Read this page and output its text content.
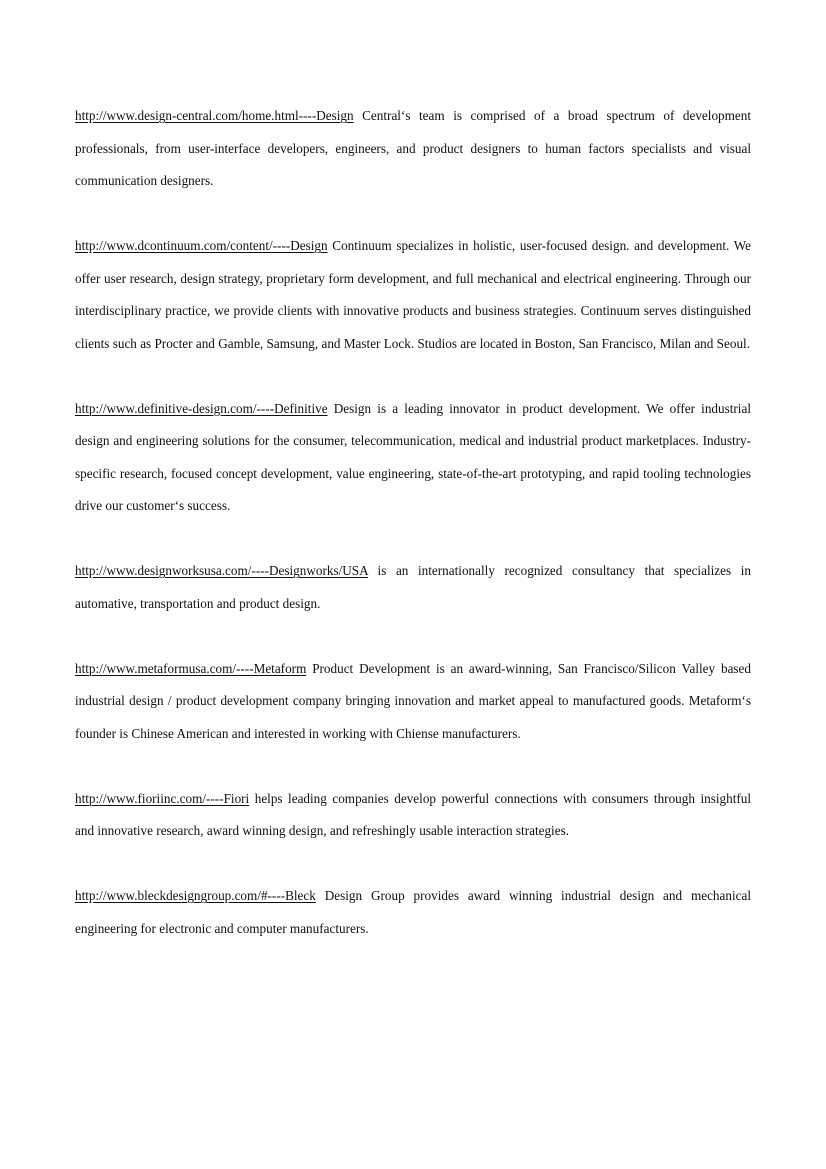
http://www.design-central.com/home.html----Design Central‘s team is comprised of a broad spectrum of development professionals, from user-interface developers, engineers, and product designers to human factors specialists and visual communication designers.

http://www.dcontinuum.com/content/----Design Continuum specializes in holistic, user-focused design. and development. We offer user research, design strategy, proprietary form development, and full mechanical and electrical engineering. Through our interdisciplinary practice, we provide clients with innovative products and business strategies. Continuum serves distinguished clients such as Procter and Gamble, Samsung, and Master Lock. Studios are located in Boston, San Francisco, Milan and Seoul.

http://www.definitive-design.com/----Definitive Design is a leading innovator in product development. We offer industrial design and engineering solutions for the consumer, telecommunication, medical and industrial product marketplaces. Industry-specific research, focused concept development, value engineering, state-of-the-art prototyping, and rapid tooling technologies drive our customer‘s success.

http://www.designworksusa.com/----Designworks/USA is an internationally recognized consultancy that specializes in automative, transportation and product design.

http://www.metaformusa.com/----Metaform Product Development is an award-winning, San Francisco/Silicon Valley based industrial design / product development company bringing innovation and market appeal to manufactured goods. Metaform‘s founder is Chinese American and interested in working with Chiense manufacturers.

http://www.fioriinc.com/----Fiori helps leading companies develop powerful connections with consumers through insightful and innovative research, award winning design, and refreshingly usable interaction strategies.

http://www.bleckdesigngroup.com/#----Bleck Design Group provides award winning industrial design and mechanical engineering for electronic and computer manufacturers.
